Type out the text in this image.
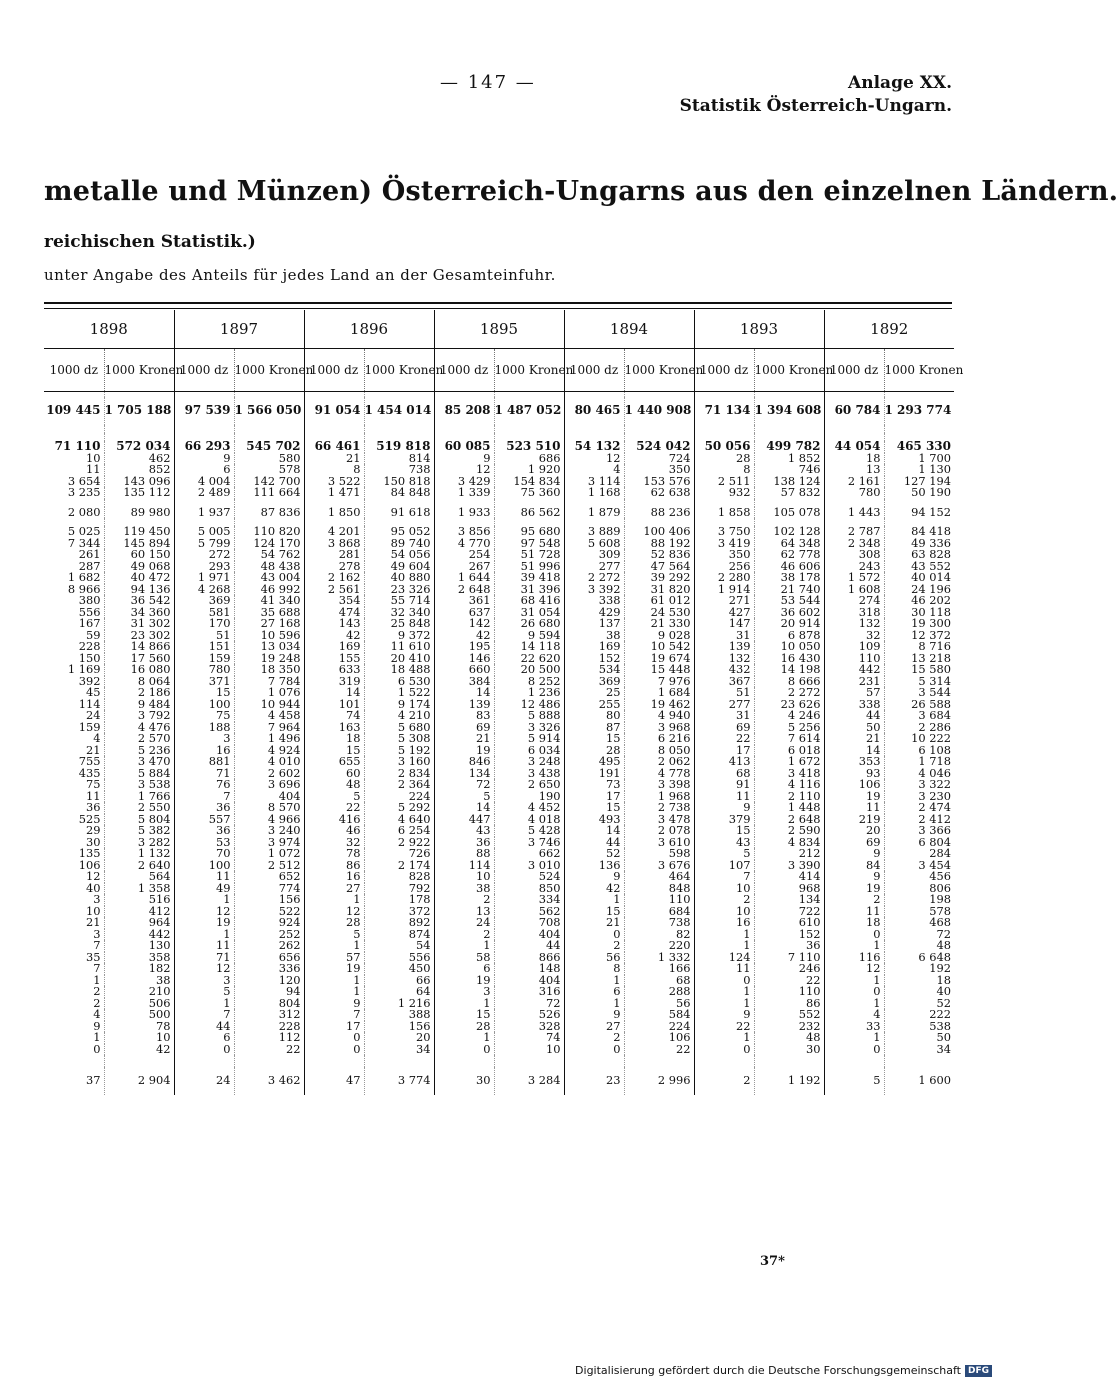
— 147 —	Anlage XX.
Statistik Österreich-Ungarn.
metalle und Münzen) Österreich-Ungarns aus den einzelnen Ländern.
reichischen Statistik.)
unter Angabe des Anteils für jedes Land an der Gesamteinfuhr.
1898		1897		1896		1895		1894		1893		1892	
1000 dz	1000 Kronen	1000 dz	1000 Kronen	1000 dz	1000 Kronen	1000 dz	1000 Kronen	1000 dz	1000 Kronen	1000 dz	1000 Kronen	1000 dz	1000 Kronen

109 445	1 705 188	97 539	1 566 050	91 054	1 454 014	85 208	1 487 052	80 465	1 440 908	71 134	1 394 608	60 784	1 293 774

71 110	572 034	66 293	545 702	66 461	519 818	60 085	523 510	54 132	524 042	50 056	499 782	44 054	465 330
10	462	9	580	21	814	9	686	12	724	28	1 852	18	1 700
11	852	6	578	8	738	12	1 920	4	350	8	746	13	1 130
3 654	143 096	4 004	142 700	3 522	150 818	3 429	154 834	3 114	153 576	2 511	138 124	2 161	127 194
3 235	135 112	2 489	111 664	1 471	84 848	1 339	75 360	1 168	62 638	932	57 832	780	50 190

2 080	89 980	1 937	87 836	1 850	91 618	1 933	86 562	1 879	88 236	1 858	105 078	1 443	94 152

5 025	119 450	5 005	110 820	4 201	95 052	3 856	95 680	3 889	100 406	3 750	102 128	2 787	84 418
7 344	145 894	5 799	124 170	3 868	89 740	4 770	97 548	5 608	88 192	3 419	64 348	2 348	49 336
261	60 150	272	54 762	281	54 056	254	51 728	309	52 836	350	62 778	308	63 828
287	49 068	293	48 438	278	49 604	267	51 996	277	47 564	256	46 606	243	43 552
1 682	40 472	1 971	43 004	2 162	40 880	1 644	39 418	2 272	39 292	2 280	38 178	1 572	40 014
8 966	94 136	4 268	46 992	2 561	23 326	2 648	31 396	3 392	31 820	1 914	21 740	1 608	24 196
380	36 542	369	41 340	354	55 714	361	68 416	338	61 012	271	53 544	274	46 202
556	34 360	581	35 688	474	32 340	637	31 054	429	24 530	427	36 602	318	30 118
167	31 302	170	27 168	143	25 848	142	26 680	137	21 330	147	20 914	132	19 300
59	23 302	51	10 596	42	9 372	42	9 594	38	9 028	31	6 878	32	12 372
228	14 866	151	13 034	169	11 610	195	14 118	169	10 542	139	10 050	109	8 716
150	17 560	159	19 248	155	20 410	146	22 620	152	19 674	132	16 430	110	13 218
1 169	16 080	780	18 350	633	18 488	660	20 500	534	15 448	432	14 198	442	15 580
392	8 064	371	7 784	319	6 530	384	8 252	369	7 976	367	8 666	231	5 314
45	2 186	15	1 076	14	1 522	14	1 236	25	1 684	51	2 272	57	3 544
114	9 484	100	10 944	101	9 174	139	12 486	255	19 462	277	23 626	338	26 588
24	3 792	75	4 458	74	4 210	83	5 888	80	4 940	31	4 246	44	3 684
159	4 476	188	7 964	163	5 680	69	3 326	87	3 968	69	5 256	50	2 286
4	2 570	3	1 496	18	5 308	21	5 914	15	6 216	22	7 614	21	10 222
21	5 236	16	4 924	15	5 192	19	6 034	28	8 050	17	6 018	14	6 108
755	3 470	881	4 010	655	3 160	846	3 248	495	2 062	413	1 672	353	1 718
435	5 884	71	2 602	60	2 834	134	3 438	191	4 778	68	3 418	93	4 046
75	3 538	76	3 696	48	2 364	72	2 650	73	3 398	91	4 116	106	3 322
11	1 766	7	404	5	224	5	190	17	1 968	11	2 110	19	3 230
36	2 550	36	8 570	22	5 292	14	4 452	15	2 738	9	1 448	11	2 474
525	5 804	557	4 966	416	4 640	447	4 018	493	3 478	379	2 648	219	2 412
29	5 382	36	3 240	46	6 254	43	5 428	14	2 078	15	2 590	20	3 366
30	3 282	53	3 974	32	2 922	36	3 746	44	3 610	43	4 834	69	6 804
135	1 132	70	1 072	78	726	88	662	52	598	5	212	9	284
106	2 640	100	2 512	86	2 174	114	3 010	136	3 676	107	3 390	84	3 454
12	564	11	652	16	828	10	524	9	464	7	414	9	456
40	1 358	49	774	27	792	38	850	42	848	10	968	19	806
3	516	1	156	1	178	2	334	1	110	2	134	2	198
10	412	12	522	12	372	13	562	15	684	10	722	11	578
21	964	19	924	28	892	24	708	21	738	16	610	18	468
3	442	1	252	5	874	2	404	0	82	1	152	0	72
7	130	11	262	1	54	1	44	2	220	1	36	1	48
35	358	71	656	57	556	58	866	56	1 332	124	7 110	116	6 648
7	182	12	336	19	450	6	148	8	166	11	246	12	192
1	38	3	120	1	66	19	404	1	68	0	22	1	18
2	210	5	94	1	64	3	316	6	288	1	110	0	40
2	506	1	804	9	1 216	1	72	1	56	1	86	1	52
4	500	7	312	7	388	15	526	9	584	9	552	4	222
9	78	44	228	17	156	28	328	27	224	22	232	33	538
1	10	6	112	0	20	1	74	2	106	1	48	1	50
0	42	0	22	0	34	0	10	0	22	0	30	0	34

37	2 904	24	3 462	47	3 774	30	3 284	23	2 996	2	1 192	5	1 600
37*
Digitalisierung gefördert durch die Deutsche Forschungsgemeinschaft DFG
